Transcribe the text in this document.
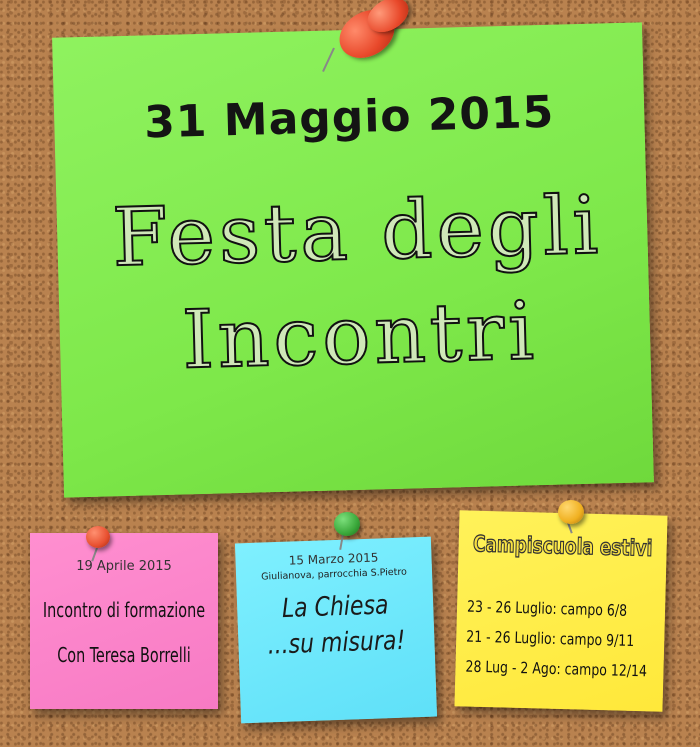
31 Maggio 2015
Festa degli
Incontri
19 Aprile 2015
Incontro di formazione
Con Teresa Borrelli
15 Marzo 2015
Giulianova, parrocchia S.Pietro
La Chiesa
...su misura!
Campiscuola estivi
23 - 26 Luglio: campo 6/8
21 - 26 Luglio: campo 9/11
28 Lug - 2 Ago: campo 12/14
